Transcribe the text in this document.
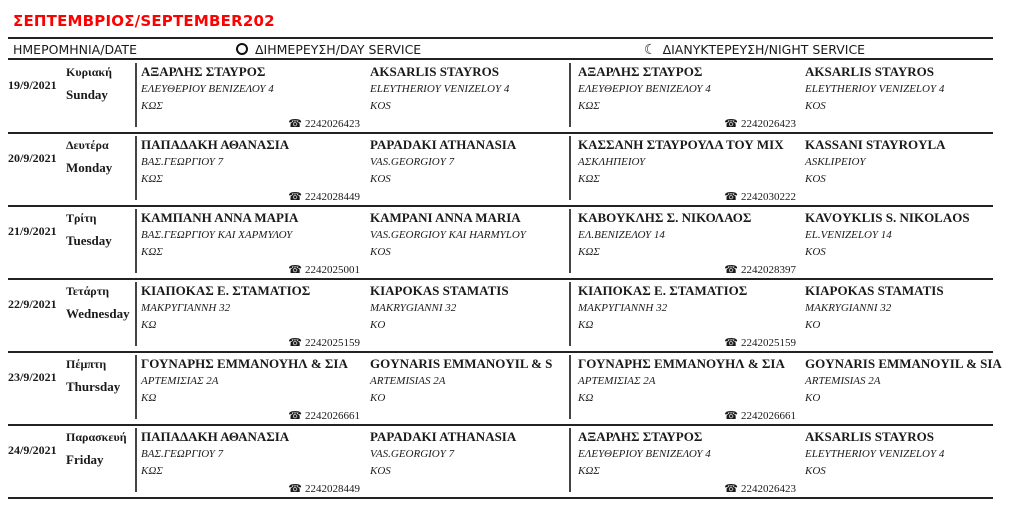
ΣΕΠΤΕΜΒΡΙΟΣ/SEPTEMBER202
ΗΜΕΡΟΜΗΝΙΑ/DATE	ΔΙΗΜΕΡΕΥΣΗ/DAY SERVICE	☾ ΔΙΑΝΥΚΤΕΡΕΥΣΗ/NIGHT SERVICE
19/9/2021
Κυριακή
Sunday
ΑΞΑΡΛΗΣ ΣΤΑΥΡΟΣ
ΕΛΕΥΘΕΡΙΟΥ ΒΕΝΙΖΕΛΟΥ 4
ΚΩΣ
☎ 2242026423
AKSARLIS STAYROS
ELEYTHERIOY VENIZELOY 4
KOS
ΑΞΑΡΛΗΣ ΣΤΑΥΡΟΣ
ΕΛΕΥΘΕΡΙΟΥ ΒΕΝΙΖΕΛΟΥ 4
ΚΩΣ
☎ 2242026423
AKSARLIS STAYROS
ELEYTHERIOY VENIZELOY 4
KOS
20/9/2021
Δευτέρα
Monday
ΠΑΠΑΔΑΚΗ ΑΘΑΝΑΣΙΑ
ΒΑΣ.ΓΕΩΡΓΙΟΥ 7
ΚΩΣ
☎ 2242028449
PAPADAKI ATHANASIA
VAS.GEORGIOY 7
KOS
ΚΑΣΣΑΝΗ ΣΤΑΥΡΟΥΛΑ ΤΟΥ ΜΙΧ
ΑΣΚΛΗΠΕΙΟΥ
ΚΩΣ
☎ 2242030222
KASSANI STAYROYLA
ASKLIPEIOY
KOS
21/9/2021
Τρίτη
Tuesday
ΚΑΜΠΑΝΗ ΑΝΝΑ ΜΑΡΙΑ
ΒΑΣ.ΓΕΩΡΓΙΟΥ ΚΑΙ ΧΑΡΜΥΛΟΥ
ΚΩΣ
☎ 2242025001
KAMPANI ANNA MARIA
VAS.GEORGIOY KAI HARMYLOY
KOS
ΚΑΒΟΥΚΛΗΣ Σ. ΝΙΚΟΛΑΟΣ
ΕΛ.ΒΕΝΙΖΕΛΟΥ 14
ΚΩΣ
☎ 2242028397
KAVOYKLIS S. NIKOLAOS
EL.VENIZELOY 14
KOS
22/9/2021
Τετάρτη
Wednesday
ΚΙΑΠΟΚΑΣ Ε. ΣΤΑΜΑΤΙΟΣ
ΜΑΚΡΥΓΙΑΝΝΗ 32
ΚΩ
☎ 2242025159
KIAPOKAS STAMATIS
MAKRYGIANNI 32
KO
ΚΙΑΠΟΚΑΣ Ε. ΣΤΑΜΑΤΙΟΣ
ΜΑΚΡΥΓΙΑΝΝΗ 32
ΚΩ
☎ 2242025159
KIAPOKAS STAMATIS
MAKRYGIANNI 32
KO
23/9/2021
Πέμπτη
Thursday
ΓΟΥΝΑΡΗΣ ΕΜΜΑΝΟΥΗΛ & ΣΙΑ
ΑΡΤΕΜΙΣΙΑΣ 2Α
ΚΩ
☎ 2242026661
GOYNARIS EMMANOYIL & S
ARTEMISIAS 2A
KO
ΓΟΥΝΑΡΗΣ ΕΜΜΑΝΟΥΗΛ & ΣΙΑ
ΑΡΤΕΜΙΣΙΑΣ 2Α
ΚΩ
☎ 2242026661
GOYNARIS EMMANOYIL & SIA
ARTEMISIAS 2A
KO
24/9/2021
Παρασκευή
Friday
ΠΑΠΑΔΑΚΗ ΑΘΑΝΑΣΙΑ
ΒΑΣ.ΓΕΩΡΓΙΟΥ 7
ΚΩΣ
☎ 2242028449
PAPADAKI ATHANASIA
VAS.GEORGIOY 7
KOS
ΑΞΑΡΛΗΣ ΣΤΑΥΡΟΣ
ΕΛΕΥΘΕΡΙΟΥ ΒΕΝΙΖΕΛΟΥ 4
ΚΩΣ
☎ 2242026423
AKSARLIS STAYROS
ELEYTHERIOY VENIZELOY 4
KOS
